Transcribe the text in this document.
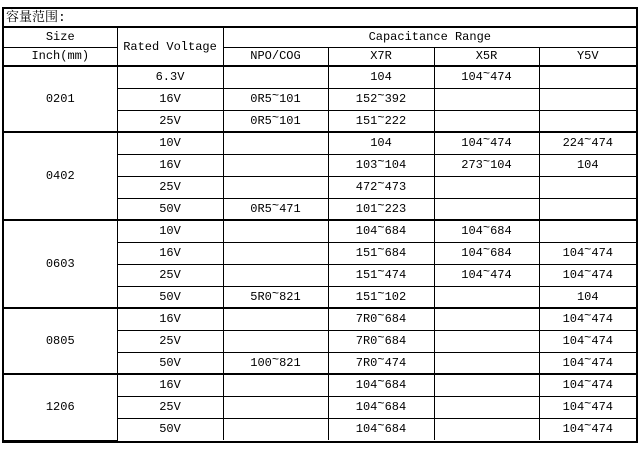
容量范围:
Size	Rated Voltage	Capacitance Range			
Inch(mm)		NPO/COG	X7R	X5R	Y5V
0201	6.3V		104	104~474	
	16V	0R5~101	152~392		
	25V	0R5~101	151~222		
0402	10V		104	104~474	224~474
	16V		103~104	273~104	104
	25V		472~473		
	50V	0R5~471	101~223		
0603	10V		104~684	104~684	
	16V		151~684	104~684	104~474
	25V		151~474	104~474	104~474
	50V	5R0~821	151~102		104
0805	16V		7R0~684		104~474
	25V		7R0~684		104~474
	50V	100~821	7R0~474		104~474
1206	16V		104~684		104~474
	25V		104~684		104~474
	50V		104~684		104~474
